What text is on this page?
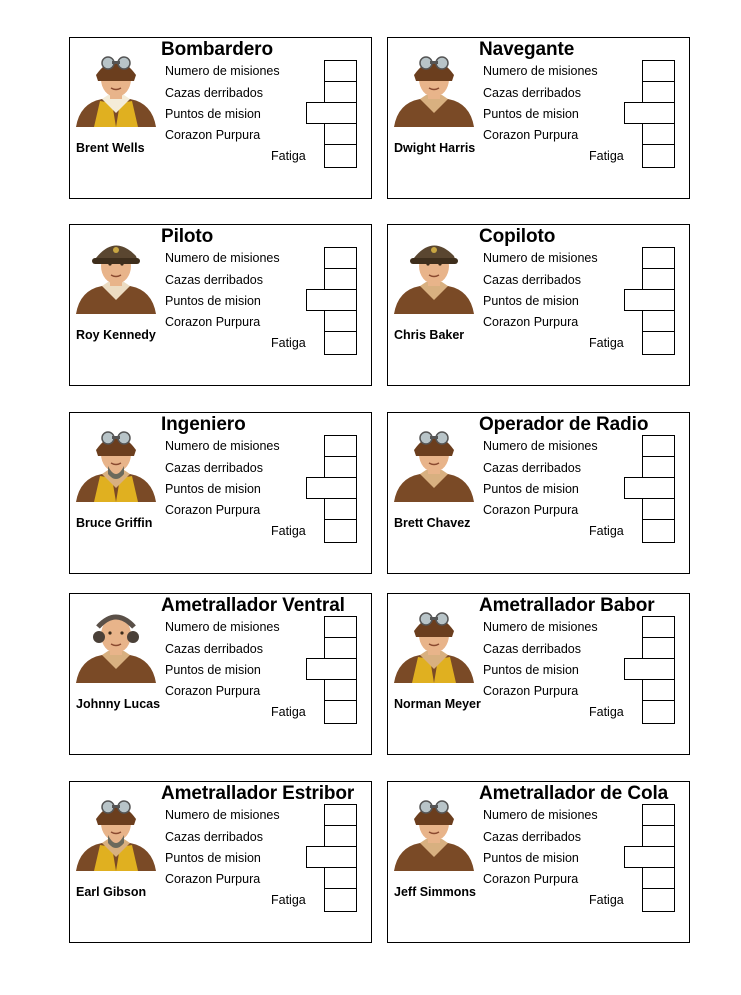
Bombardero
Numero de misiones
Cazas derribados
Puntos de mision
Corazon Purpura
Brent Wells
Fatiga
Navegante
Numero de misiones
Cazas derribados
Puntos de mision
Corazon Purpura
Dwight Harris
Fatiga
Piloto
Numero de misiones
Cazas derribados
Puntos de mision
Corazon Purpura
Roy Kennedy
Fatiga
Copiloto
Numero de misiones
Cazas derribados
Puntos de mision
Corazon Purpura
Chris Baker
Fatiga
Ingeniero
Numero de misiones
Cazas derribados
Puntos de mision
Corazon Purpura
Bruce Griffin
Fatiga
Operador de Radio
Numero de misiones
Cazas derribados
Puntos de mision
Corazon Purpura
Brett Chavez
Fatiga
Ametrallador Ventral
Numero de misiones
Cazas derribados
Puntos de mision
Corazon Purpura
Johnny Lucas
Fatiga
Ametrallador Babor
Numero de misiones
Cazas derribados
Puntos de mision
Corazon Purpura
Norman Meyer
Fatiga
Ametrallador Estribor
Numero de misiones
Cazas derribados
Puntos de mision
Corazon Purpura
Earl Gibson
Fatiga
Ametrallador de Cola
Numero de misiones
Cazas derribados
Puntos de mision
Corazon Purpura
Jeff Simmons
Fatiga
